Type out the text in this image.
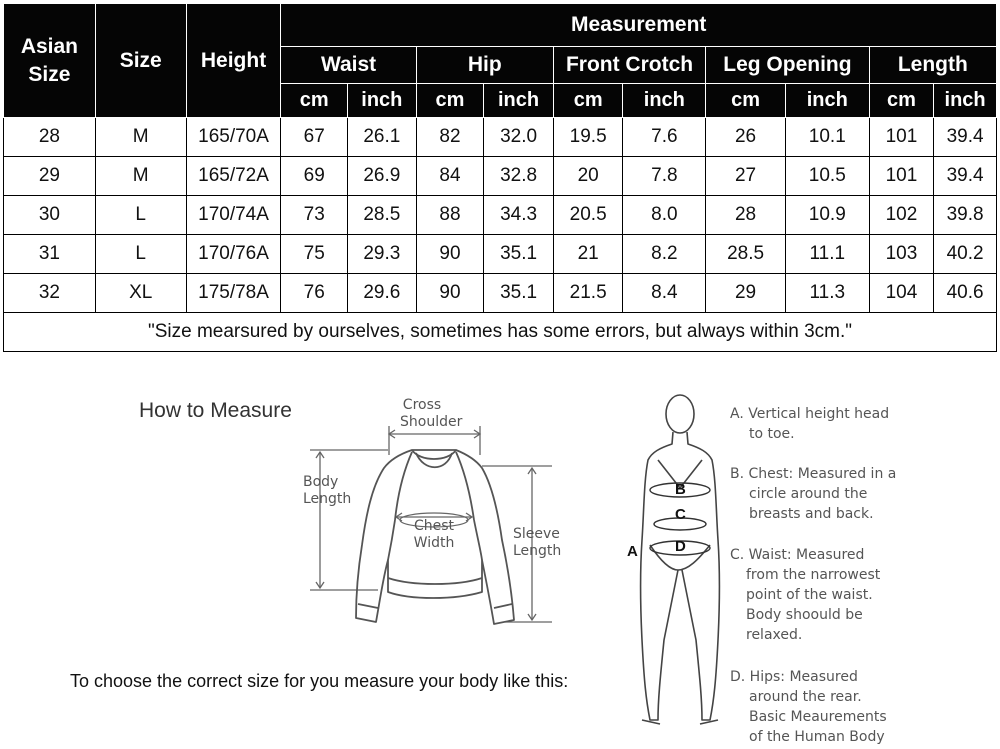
Asian
Size	Size	Height	Measurement									
			Waist		Hip		Front Crotch		Leg Opening		Length	
			cm	inch	cm	inch	cm	inch	cm	inch	cm	inch
28	M	165/70A	67	26.1	82	32.0	19.5	7.6	26	10.1	101	39.4
29	M	165/72A	69	26.9	84	32.8	20	7.8	27	10.5	101	39.4
30	L	170/74A	73	28.5	88	34.3	20.5	8.0	28	10.9	102	39.8
31	L	170/76A	75	29.3	90	35.1	21	8.2	28.5	11.1	103	40.2
32	XL	175/78A	76	29.6	90	35.1	21.5	8.4	29	11.3	104	40.6
"Size mearsured by ourselves, sometimes has some errors, but always within 3cm."												

How to Measure	Cross
Shoulder

Body
Length

Chest
Width

Sleeve
Length

To choose the correct size for you measure your body like this:

A

B

C

D

A. Vertical height head
to toe.

B. Chest: Measured in a
circle around the
breasts and back.

C. Waist: Measured
from the narrowest
point of the waist.
Body shoould be
relaxed.

D. Hips: Measured
around the rear.
Basic Meaurements
of the Human Body
